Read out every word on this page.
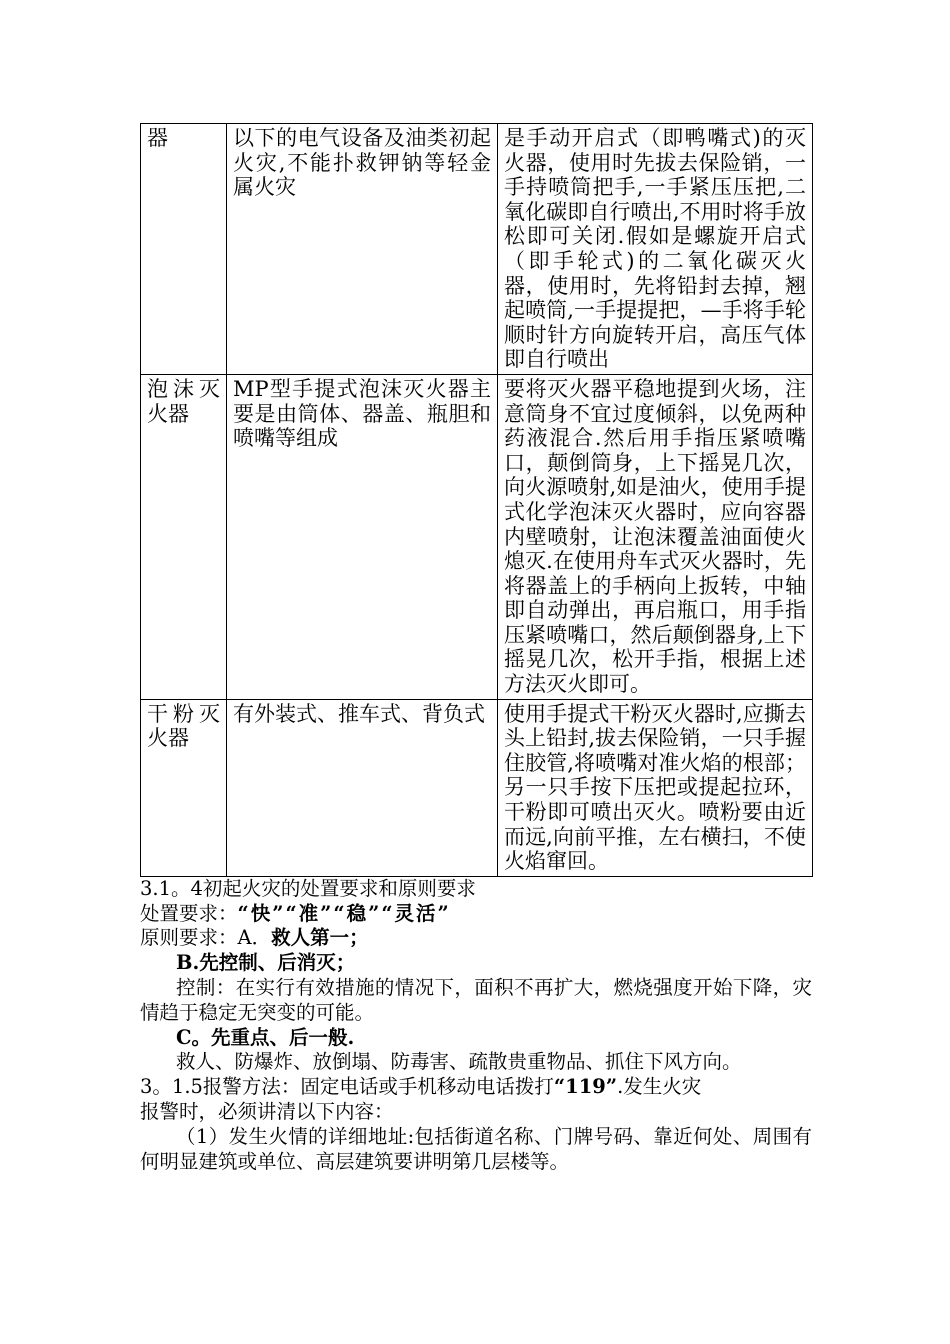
器	以下的电气设备及油类初起火灾,不能扑救钾钠等轻金属火灾	是手动开启式（即鸭嘴式)的灭火器，使用时先拔去保险销，一手持喷筒把手,一手紧压压把,二氧化碳即自行喷出,不用时将手放松即可关闭.假如是螺旋开启式（即手轮式)的二氧化碳灭火器，使用时，先将铅封去掉，翘起喷筒,一手提提把，—手将手轮顺时针方向旋转开启，高压气体即自行喷出
泡沫灭火器	MP型手提式泡沫灭火器主要是由筒体、器盖、瓶胆和喷嘴等组成	要将灭火器平稳地提到火场，注意筒身不宜过度倾斜，以免两种药液混合.然后用手指压紧喷嘴口，颠倒筒身，上下摇晃几次，向火源喷射,如是油火，使用手提式化学泡沫灭火器时，应向容器内壁喷射，让泡沫覆盖油面使火熄灭.在使用舟车式灭火器时，先将器盖上的手柄向上扳转，中轴即自动弹出，再启瓶口，用手指压紧喷嘴口，然后颠倒器身,上下摇晃几次，松开手指，根据上述方法灭火即可。
干粉灭火器	有外装式、推车式、背负式	使用手提式干粉灭火器时,应撕去头上铅封,拔去保险销，一只手握住胶管,将喷嘴对准火焰的根部；另一只手按下压把或提起拉环，干粉即可喷出灭火。喷粉要由近而远,向前平推，左右横扫，不使火焰窜回。

3.1。4初起火灾的处置要求和原则要求

处置要求：“快”“准”“稳”“灵活”

原则要求：A．救人第一；

B.先控制、后消灭；

控制：在实行有效措施的情况下，面积不再扩大，燃烧强度开始下降，灾情趋于稳定无突变的可能。

C。先重点、后一般.

救人、防爆炸、放倒塌、防毒害、疏散贵重物品、抓住下风方向。

3。1.5报警方法：固定电话或手机移动电话拨打“119”.发生火灾

报警时，必须讲清以下内容：

（1）发生火情的详细地址:包括街道名称、门牌号码、靠近何处、周围有何明显建筑或单位、高层建筑要讲明第几层楼等。
